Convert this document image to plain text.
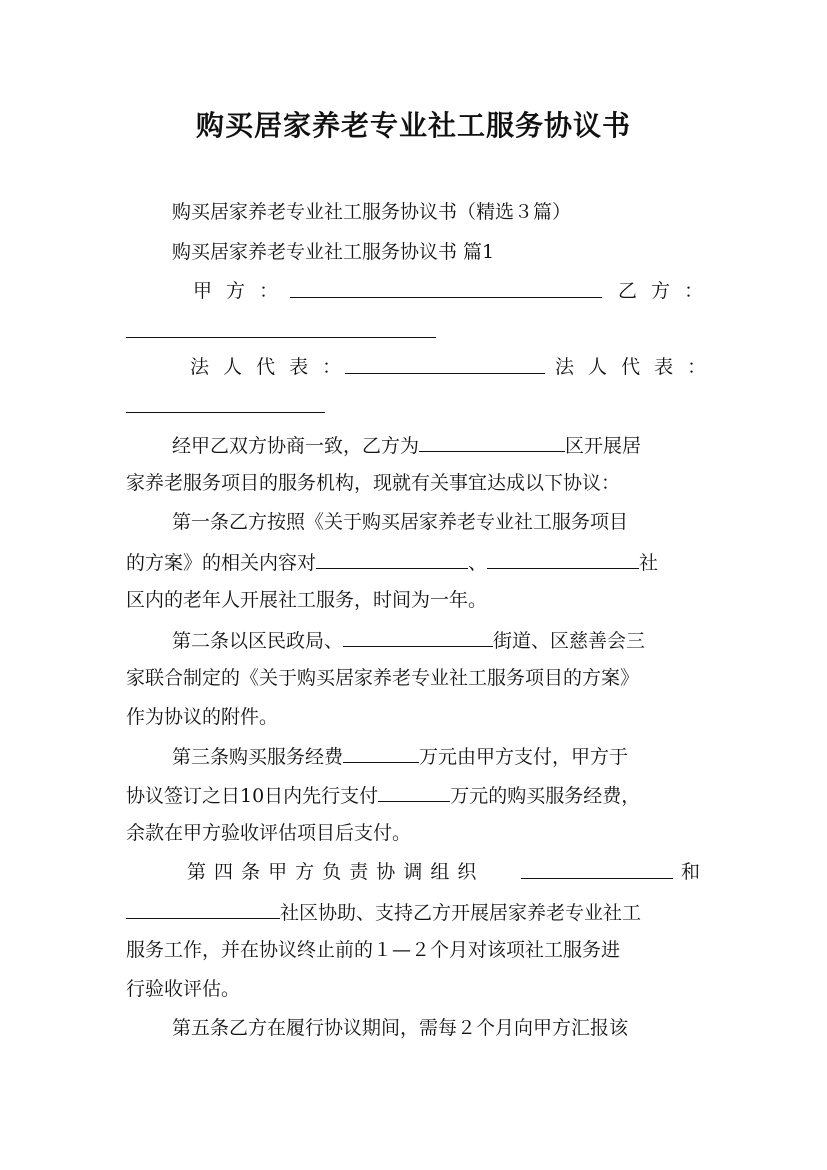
购买居家养老专业社工服务协议书
购买居家养老专业社工服务协议书（精选３篇）
购买居家养老专业社工服务协议书 篇1
甲 方 ：	乙 方 ：
法 人 代 表 ：	法 人 代 表 ：
经甲乙双方协商一致，乙方为	区开展居
家养老服务项目的服务机构，现就有关事宜达成以下协议：
第一条乙方按照《关于购买居家养老专业社工服务项目
的方案》的相关内容对	、	社
区内的老年人开展社工服务，时间为一年。
第二条以区民政局、	街道、区慈善会三
家联合制定的《关于购买居家养老专业社工服务项目的方案》
作为协议的附件。
第三条购买服务经费	万元由甲方支付，甲方于
协议签订之日10日内先行支付	万元的购买服务经费，
余款在甲方验收评估项目后支付。
第 四 条 甲 方 负 责 协 调 组 织	和
社区协助、支持乙方开展居家养老专业社工
服务工作，并在协议终止前的１—２个月对该项社工服务进
行验收评估。
第五条乙方在履行协议期间，需每２个月向甲方汇报该
